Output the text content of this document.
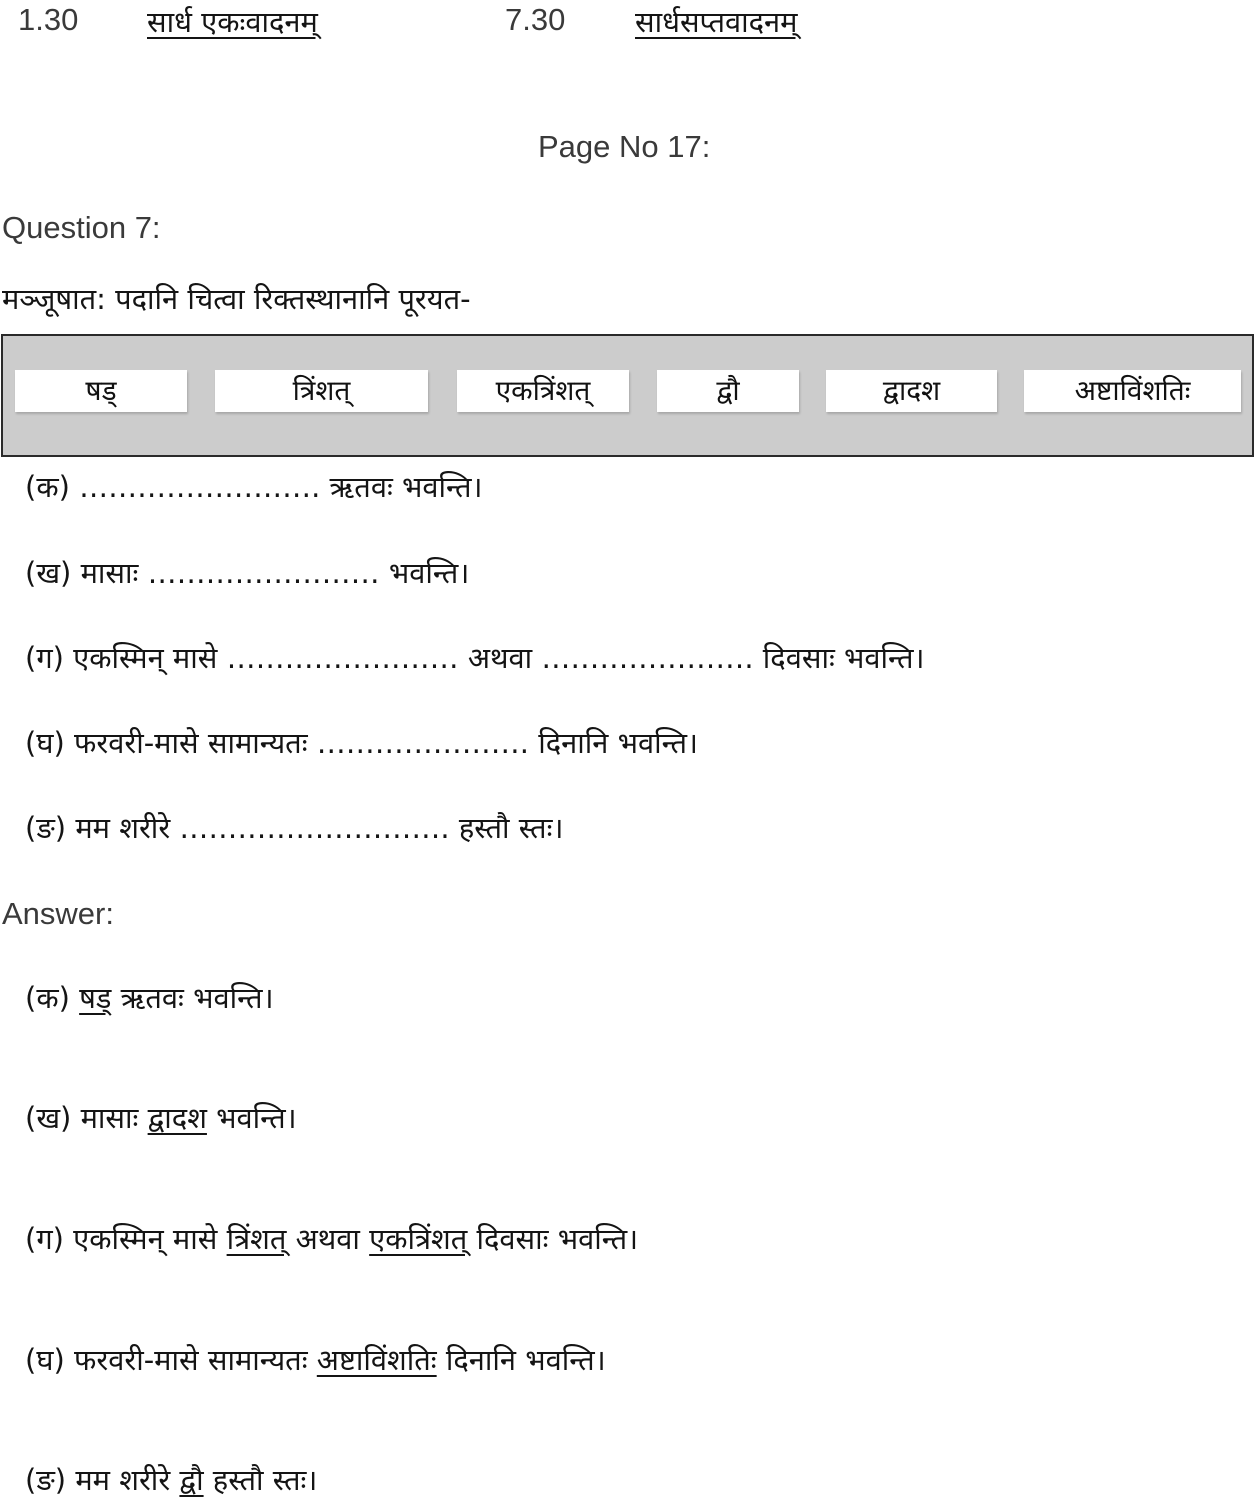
1.30 सार्ध एकःवादनम्	7.30 सार्धसप्तवादनम्
Page No 17:
Question 7:
मञ्जूषात: पदानि चित्वा रिक्तस्थानानि पूरयत-
षड्	त्रिंशत्	एकत्रिंशत्	द्वौ	द्वादश	अष्टाविंशतिः
(क) ……………………. ऋतवः भवन्ति।
(ख) मासाः …………………… भवन्ति।
(ग) एकस्मिन् मासे …………………… अथवा …………………. दिवसाः भवन्ति।
(घ) फरवरी-मासे सामान्यतः …………………. दिनानि भवन्ति।
(ङ) मम शरीरे ………………………. हस्तौ स्तः।
Answer:
(क) षड् ऋतवः भवन्ति।
(ख) मासाः द्वादश भवन्ति।
(ग) एकस्मिन् मासे त्रिंशत् अथवा एकत्रिंशत् दिवसाः भवन्ति।
(घ) फरवरी-मासे सामान्यतः अष्टाविंशतिः दिनानि भवन्ति।
(ङ) मम शरीरे द्वौ हस्तौ स्तः।
